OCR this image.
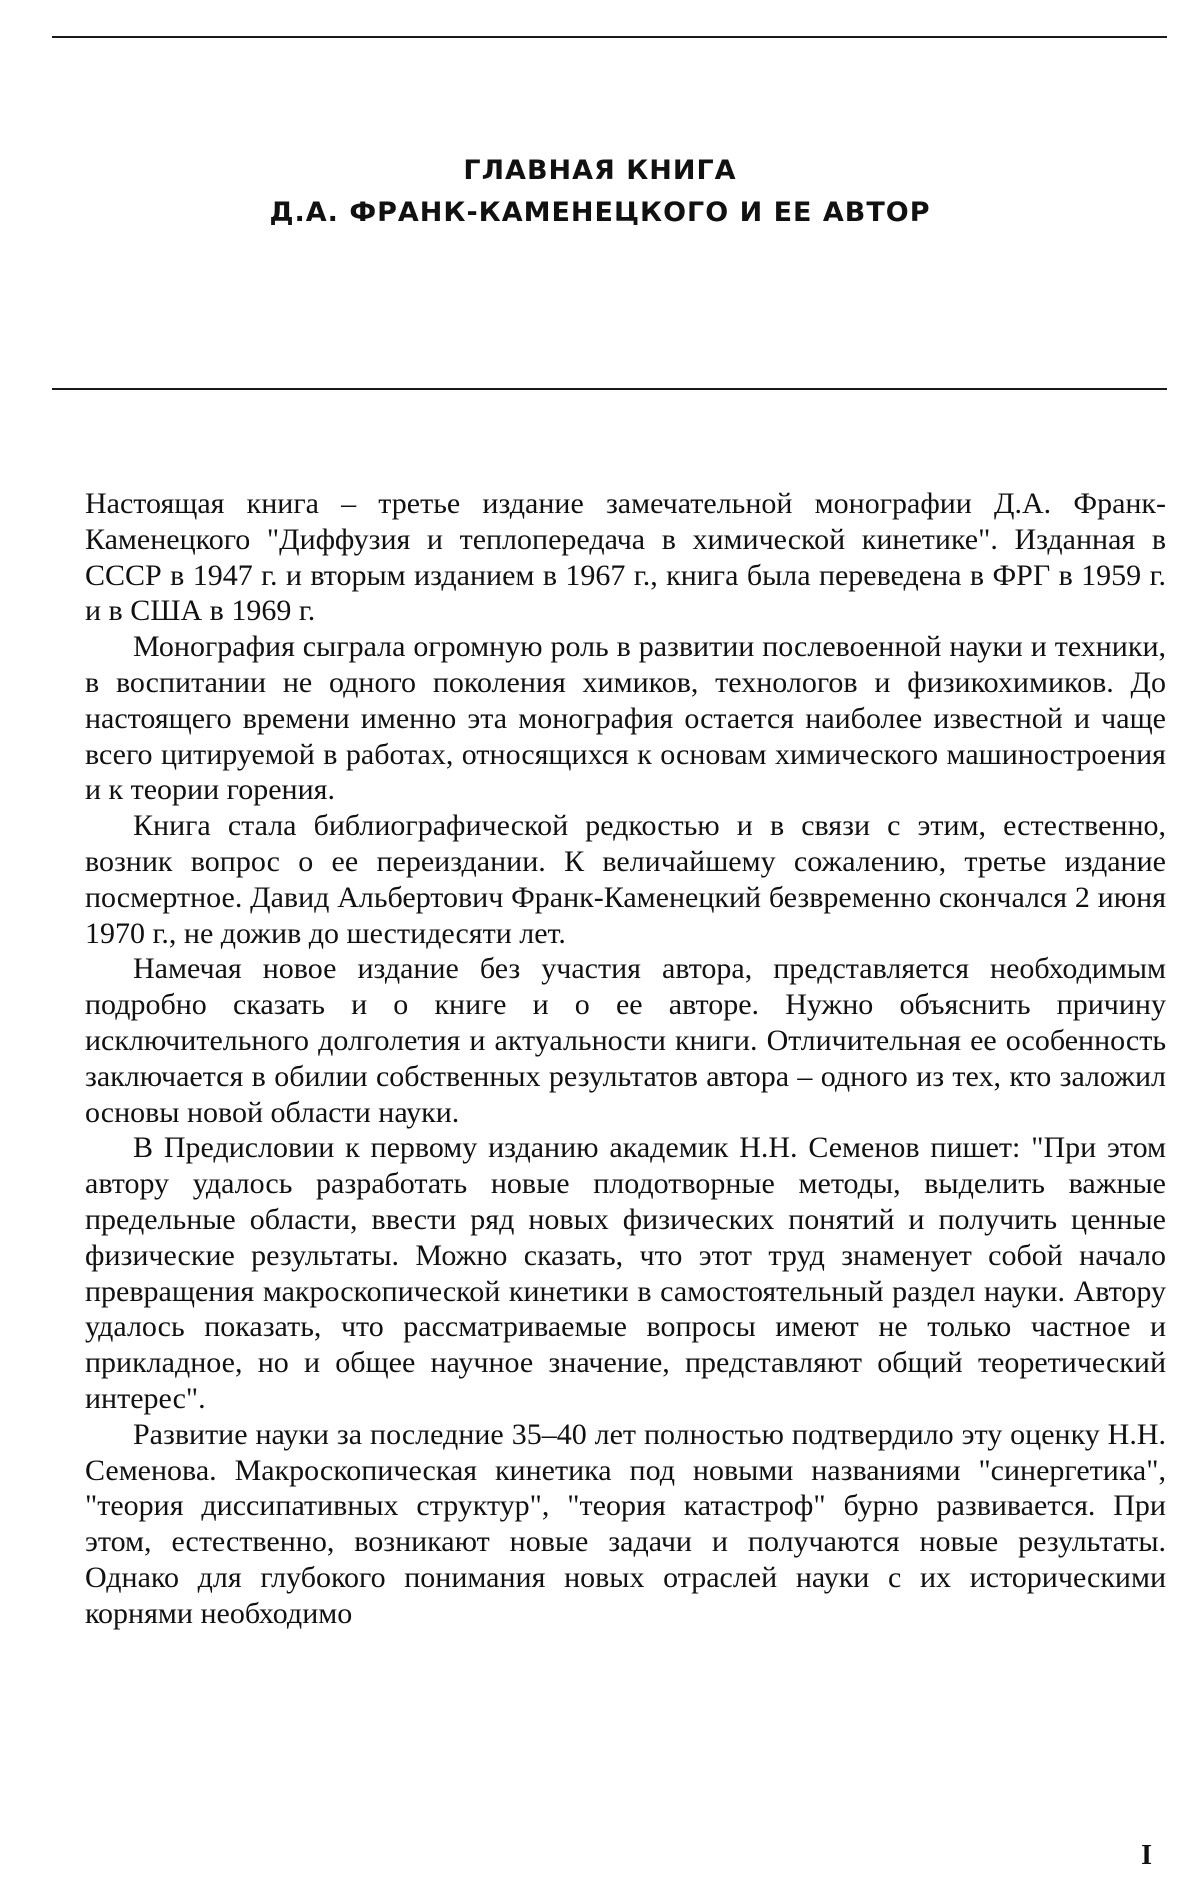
ГЛАВНАЯ КНИГА
Д.А. ФРАНК-КАМЕНЕЦКОГО И ЕЕ АВТОР

Настоящая книга – третье издание замечательной монографии Д.А. Франк-Каменецкого "Диффузия и теплопередача в химической кинетике". Изданная в СССР в 1947 г. и вторым изданием в 1967 г., книга была переведена в ФРГ в 1959 г. и в США в 1969 г.

Монография сыграла огромную роль в развитии послевоенной науки и техники, в воспитании не одного поколения химиков, технологов и физикохимиков. До настоящего времени именно эта монография остается наиболее известной и чаще всего цитируемой в работах, относящихся к основам химического машиностроения и к теории горения.

Книга стала библиографической редкостью и в связи с этим, естественно, возник вопрос о ее переиздании. К величайшему сожалению, третье издание посмертное. Давид Альбертович Франк-Каменецкий безвременно скончался 2 июня 1970 г., не дожив до шестидесяти лет.

Намечая новое издание без участия автора, представляется необходимым подробно сказать и о книге и о ее авторе. Нужно объяснить причину исключительного долголетия и актуальности книги. Отличительная ее особенность заключается в обилии собственных результатов автора – одного из тех, кто заложил основы новой области науки.

В Предисловии к первому изданию академик Н.Н. Семенов пишет: "При этом автору удалось разработать новые плодотворные методы, выделить важные предельные области, ввести ряд новых физических понятий и получить ценные физические результаты. Можно сказать, что этот труд знаменует собой начало превращения макроскопической кинетики в самостоятельный раздел науки. Автору удалось показать, что рассматриваемые вопросы имеют не только частное и прикладное, но и общее научное значение, представляют общий теоретический интерес".

Развитие науки за последние 35–40 лет полностью подтвердило эту оценку Н.Н. Семенова. Макроскопическая кинетика под новыми названиями "синергетика", "теория диссипативных структур", "теория катастроф" бурно развивается. При этом, естественно, возникают новые задачи и получаются новые результаты. Однако для глубокого понимания новых отраслей науки с их историческими корнями необходимо

I
